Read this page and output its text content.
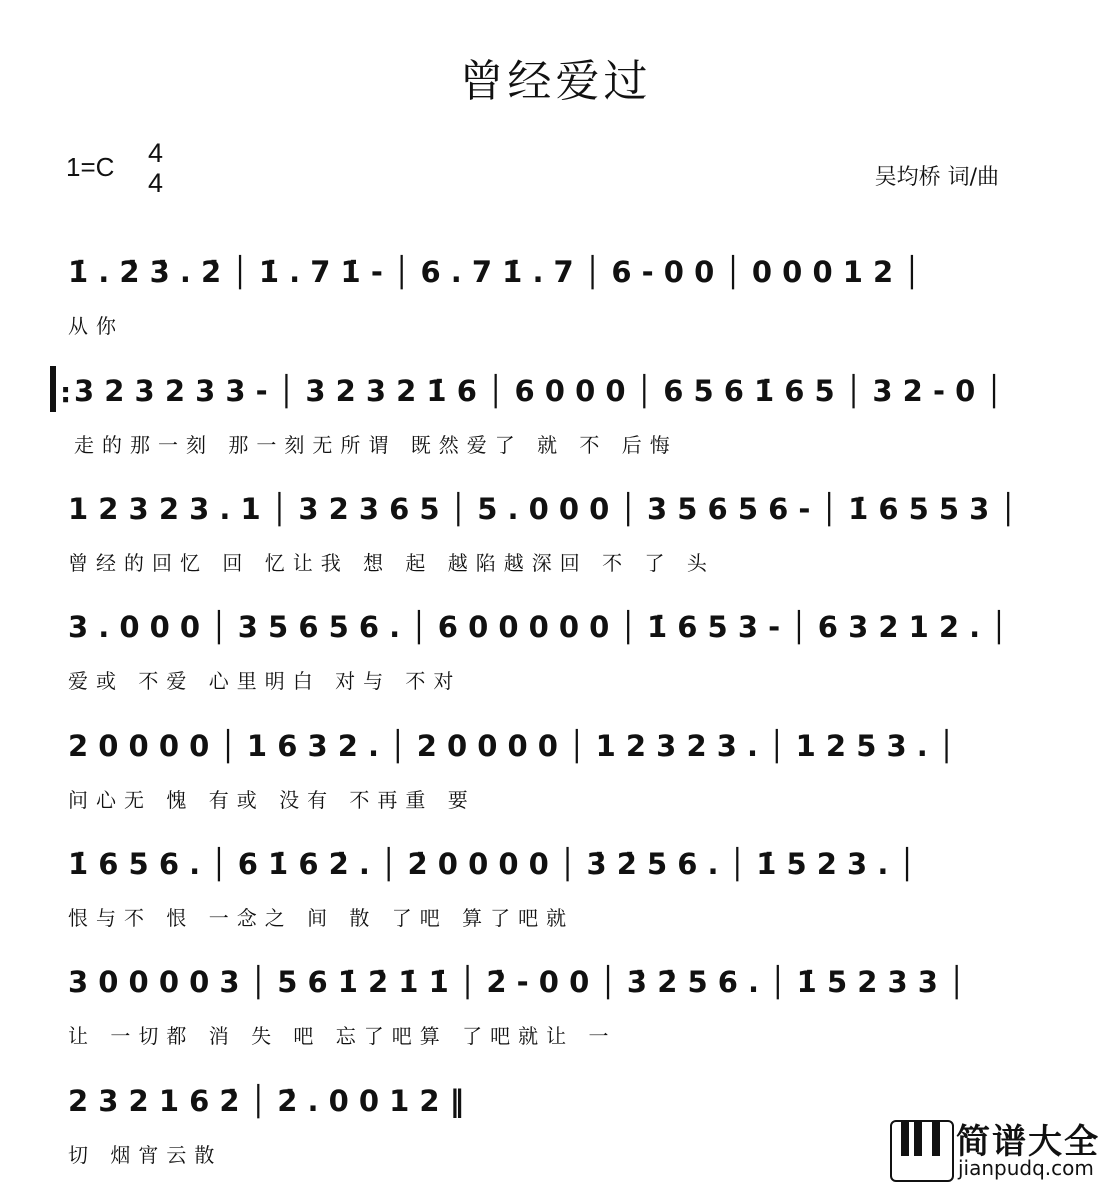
曾经爱过
1=C 4
4	吴均桥 词/曲
1̇ . 2̇ 3̇ . 2̇ │ 1̇ . 7 1̇ - │ 6 . 7 1̇ . 7 │ 6 - 0 0 │ 0 0 0 1 2 │
从你
: 3 2 3 2 3 3 - │ 3 2 3 2 1̇ 6 │ 6 0 0 0 │ 6 5 6 1̇ 6 5 │ 3 2 - 0 │
走的那一刻 那一刻无所谓 既然爱了 就 不 后悔
1 2 3 2 3 . 1 │ 3 2 3 6 5 │ 5 . 0 0 0 │ 3 5 6 5 6 - │ 1̇ 6 5 5 3 │
曾经的回忆 回 忆让我 想 起 越陷越深回 不 了 头
3 . 0 0 0 │ 3 5 6 5 6 . │ 6 0 0 0 0 0 │ 1̇ 6 5 3 - │ 6 3 2 1 2 . │
爱或 不爱 心里明白 对与 不对
2 0 0 0 0 │ 1 6 3 2 . │ 2 0 0 0 0 │ 1 2 3 2 3 . │ 1 2 5 3 . │
问心无 愧 有或 没有 不再重 要
1̇ 6 5 6 . │ 6 1̇ 6 2̇ . │ 2̇ 0 0 0 0 │ 3̇ 2̇ 5 6 . │ 1̇ 5 2 3 . │
恨与不 恨 一念之 间 散 了吧 算了吧就
3 0 0 0 0 3 │ 5 6 1̇ 2̇ 1̇ 1̇ │ 2̇ - 0 0 │ 3̇ 2̇ 5 6 . │ 1̇ 5 2 3 3 │
让 一切都 消 失 吧 忘了吧算 了吧就让 一
2 3 2 1 6 2̇ │ 2̇ . 0 0 1 2 ‖
切 烟宵云散	简谱大全
jianpudq.com
